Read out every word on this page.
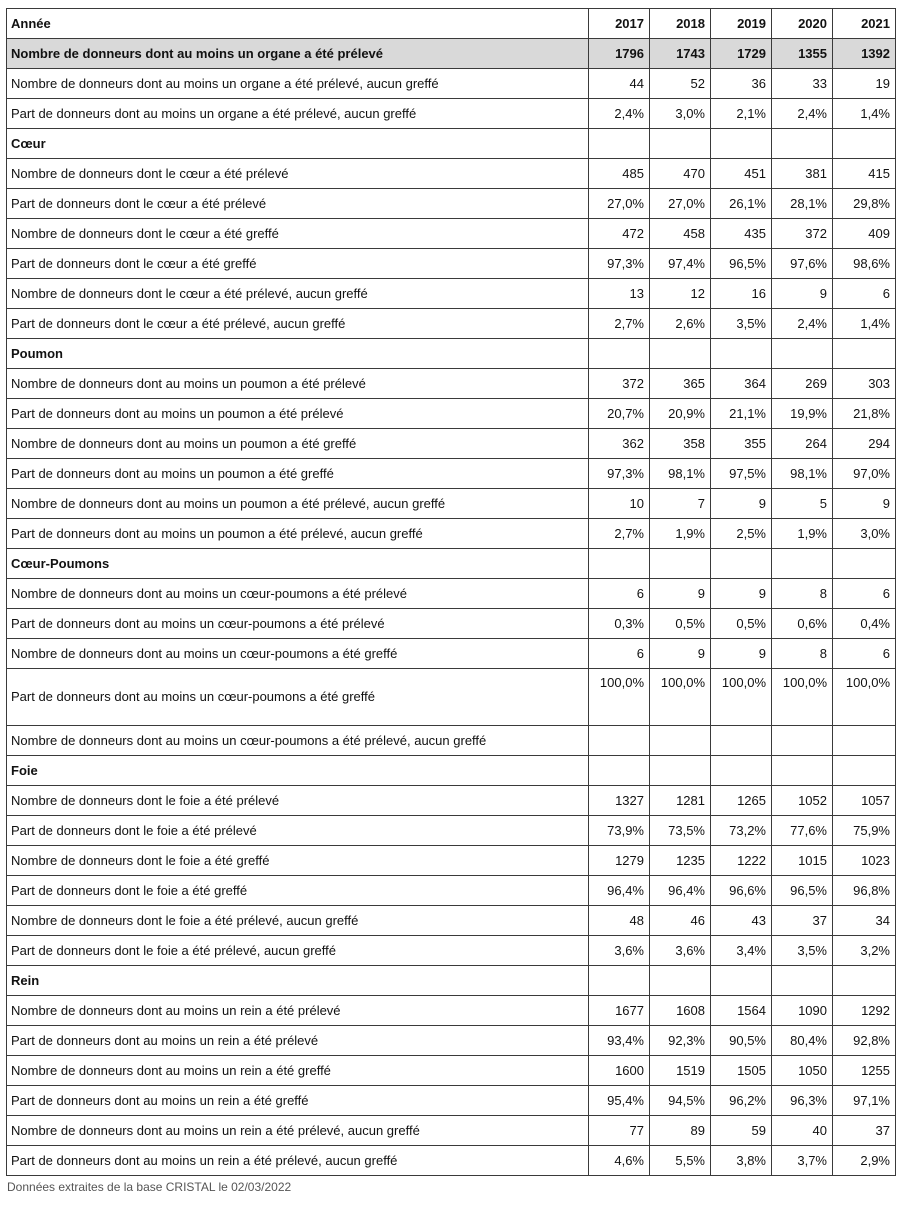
Année	2017	2018	2019	2020	2021
Nombre de donneurs dont au moins un organe a été prélevé	1796	1743	1729	1355	1392
Nombre de donneurs dont au moins un organe a été prélevé, aucun greffé	44	52	36	33	19
Part de donneurs dont au moins un organe a été prélevé, aucun greffé	2,4%	3,0%	2,1%	2,4%	1,4%
Cœur					
Nombre de donneurs dont le cœur a été prélevé	485	470	451	381	415
Part de donneurs dont le cœur a été prélevé	27,0%	27,0%	26,1%	28,1%	29,8%
Nombre de donneurs dont le cœur a été greffé	472	458	435	372	409
Part de donneurs dont le cœur a été greffé	97,3%	97,4%	96,5%	97,6%	98,6%
Nombre de donneurs dont le cœur a été prélevé, aucun greffé	13	12	16	9	6
Part de donneurs dont le cœur a été prélevé, aucun greffé	2,7%	2,6%	3,5%	2,4%	1,4%
Poumon					
Nombre de donneurs dont au moins un poumon a été prélevé	372	365	364	269	303
Part de donneurs dont au moins un poumon a été prélevé	20,7%	20,9%	21,1%	19,9%	21,8%
Nombre de donneurs dont au moins un poumon a été greffé	362	358	355	264	294
Part de donneurs dont au moins un poumon a été greffé	97,3%	98,1%	97,5%	98,1%	97,0%
Nombre de donneurs dont au moins un poumon a été prélevé, aucun greffé	10	7	9	5	9
Part de donneurs dont au moins un poumon a été prélevé, aucun greffé	2,7%	1,9%	2,5%	1,9%	3,0%
Cœur-Poumons					
Nombre de donneurs dont au moins un cœur-poumons a été prélevé	6	9	9	8	6
Part de donneurs dont au moins un cœur-poumons a été prélevé	0,3%	0,5%	0,5%	0,6%	0,4%
Nombre de donneurs dont au moins un cœur-poumons a été greffé	6	9	9	8	6
Part de donneurs dont au moins un cœur-poumons a été greffé	100,0%	100,0%	100,0%	100,0%	100,0%
Nombre de donneurs dont au moins un cœur-poumons a été prélevé, aucun greffé					
Foie					
Nombre de donneurs dont le foie a été prélevé	1327	1281	1265	1052	1057
Part de donneurs dont le foie a été prélevé	73,9%	73,5%	73,2%	77,6%	75,9%
Nombre de donneurs dont le foie a été greffé	1279	1235	1222	1015	1023
Part de donneurs dont le foie a été greffé	96,4%	96,4%	96,6%	96,5%	96,8%
Nombre de donneurs dont le foie a été prélevé, aucun greffé	48	46	43	37	34
Part de donneurs dont le foie a été prélevé, aucun greffé	3,6%	3,6%	3,4%	3,5%	3,2%
Rein					
Nombre de donneurs dont au moins un rein a été prélevé	1677	1608	1564	1090	1292
Part de donneurs dont au moins un rein a été prélevé	93,4%	92,3%	90,5%	80,4%	92,8%
Nombre de donneurs dont au moins un rein a été greffé	1600	1519	1505	1050	1255
Part de donneurs dont au moins un rein a été greffé	95,4%	94,5%	96,2%	96,3%	97,1%
Nombre de donneurs dont au moins un rein a été prélevé, aucun greffé	77	89	59	40	37
Part de donneurs dont au moins un rein a été prélevé, aucun greffé	4,6%	5,5%	3,8%	3,7%	2,9%
Données extraites de la base CRISTAL le 02/03/2022
